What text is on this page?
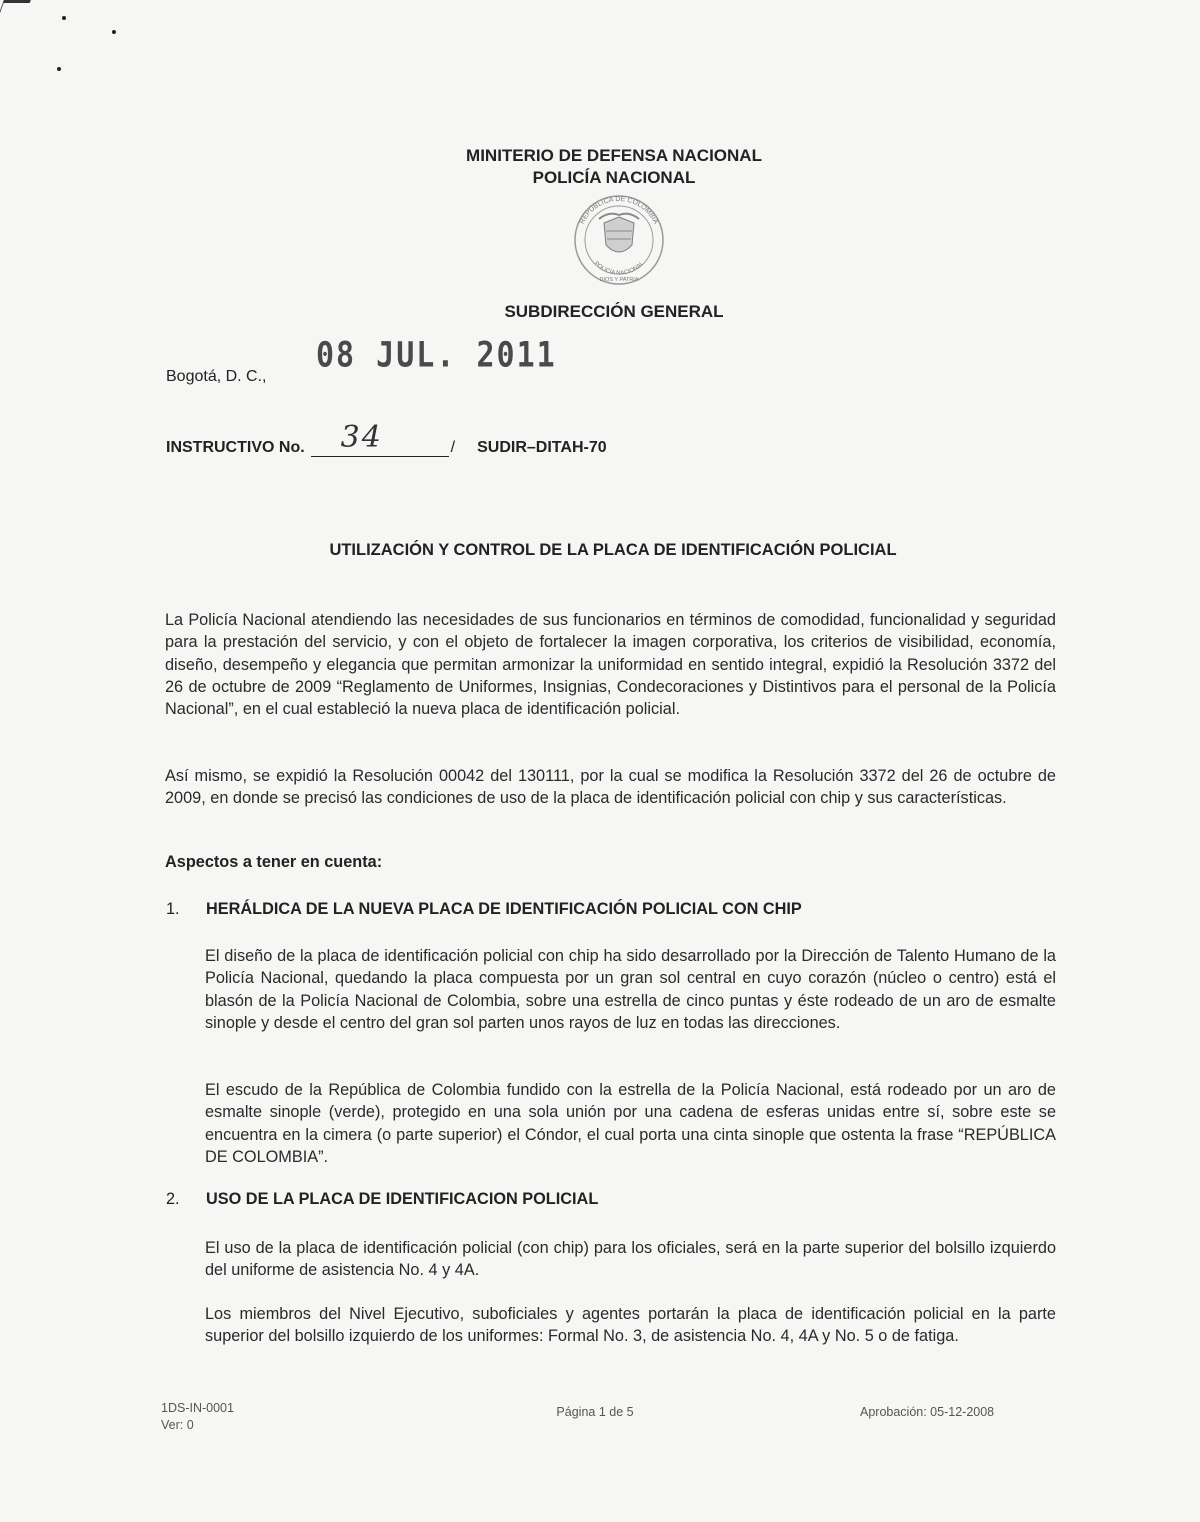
MINITERIO DE DEFENSA NACIONAL
POLICÍA NACIONAL
REPÚBLICA DE COLOMBIA
POLICÍA NACIONAL
DIOS Y PATRIA
SUBDIRECCIÓN GENERAL
Bogotá, D. C.,
08 JUL. 2011
INSTRUCTIVO No. 34	/ SUDIR–DITAH-70
UTILIZACIÓN Y CONTROL DE LA PLACA DE IDENTIFICACIÓN POLICIAL
La Policía Nacional atendiendo las necesidades de sus funcionarios en términos de comodidad, funcionalidad y seguridad para la prestación del servicio, y con el objeto de fortalecer la imagen corporativa, los criterios de visibilidad, economía, diseño, desempeño y elegancia que permitan armonizar la uniformidad en sentido integral, expidió la Resolución 3372 del 26 de octubre de 2009 “Reglamento de Uniformes, Insignias, Condecoraciones y Distintivos para el personal de la Policía Nacional”, en el cual estableció la nueva placa de identificación policial.
Así mismo, se expidió la Resolución 00042 del 130111, por la cual se modifica la Resolución 3372 del 26 de octubre de 2009, en donde se precisó las condiciones de uso de la placa de identificación policial con chip y sus características.
Aspectos a tener en cuenta:
1. HERÁLDICA DE LA NUEVA PLACA DE IDENTIFICACIÓN POLICIAL CON CHIP
El diseño de la placa de identificación policial con chip ha sido desarrollado por la Dirección de Talento Humano de la Policía Nacional, quedando la placa compuesta por un gran sol central en cuyo corazón (núcleo o centro) está el blasón de la Policía Nacional de Colombia, sobre una estrella de cinco puntas y éste rodeado de un aro de esmalte sinople y desde el centro del gran sol parten unos rayos de luz en todas las direcciones.
El escudo de la República de Colombia fundido con la estrella de la Policía Nacional, está rodeado por un aro de esmalte sinople (verde), protegido en una sola unión por una cadena de esferas unidas entre sí, sobre este se encuentra en la cimera (o parte superior) el Cóndor, el cual porta una cinta sinople que ostenta la frase “REPÚBLICA DE COLOMBIA”.
2. USO DE LA PLACA DE IDENTIFICACION POLICIAL
El uso de la placa de identificación policial (con chip) para los oficiales, será en la parte superior del bolsillo izquierdo del uniforme de asistencia No. 4 y 4A.
Los miembros del Nivel Ejecutivo, suboficiales y agentes portarán la placa de identificación policial en la parte superior del bolsillo izquierdo de los uniformes: Formal No. 3, de asistencia No. 4, 4A y No. 5 o de fatiga.
1DS-IN-0001
Ver: 0
Página 1 de 5	Aprobación: 05-12-2008
